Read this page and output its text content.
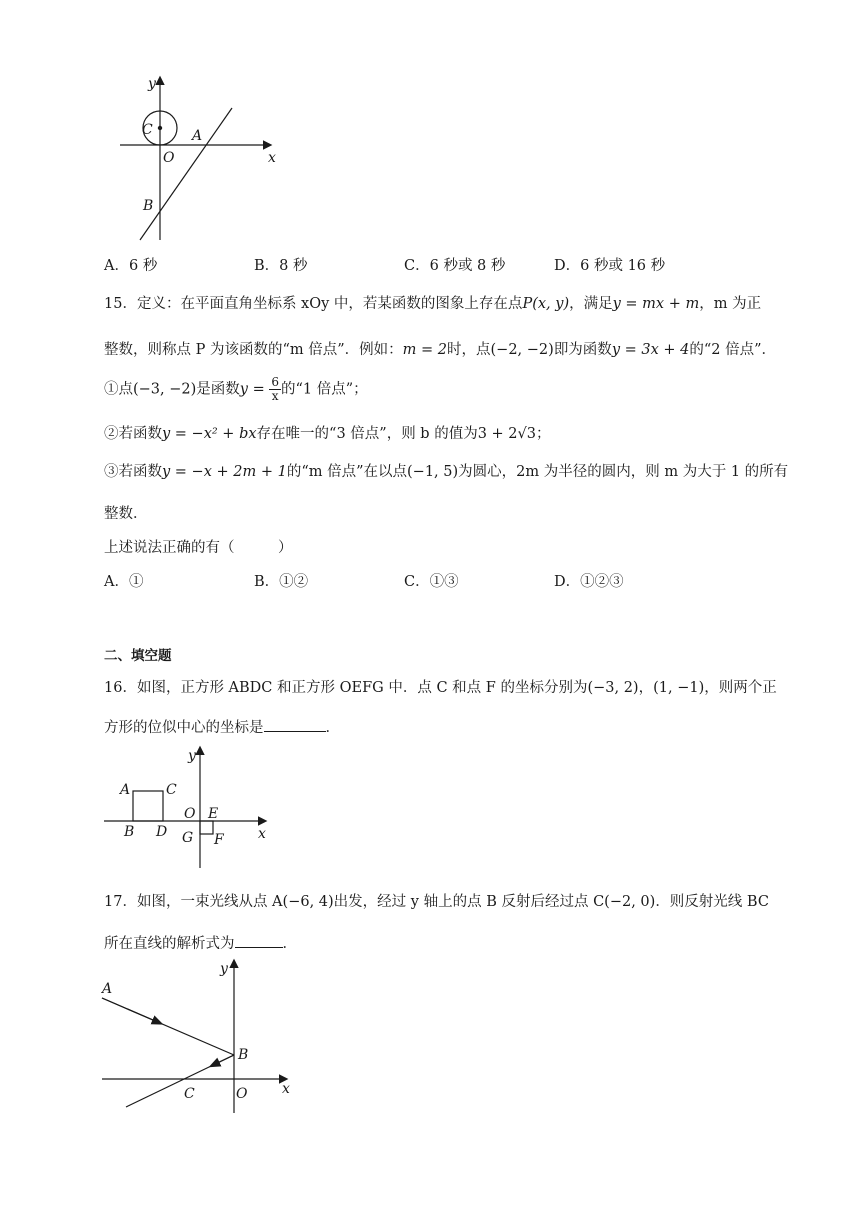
y
x
C	A
O
B
A．6 秒	B．8 秒	C．6 秒或 8 秒	D．6 秒或 16 秒
15．定义：在平面直角坐标系 xOy 中，若某函数的图象上存在点P(x, y)，满足y = mx + m，m 为正
整数，则称点 P 为该函数的“m 倍点”．例如：m = 2时，点(−2, −2)即为函数y = 3x + 4的“2 倍点”．
①点(−3, −2)是函数$y = \frac{6}{x}$ 的“1 倍点”；
②若函数y = −x² + bx存在唯一的“3 倍点”，则 b 的值为3 + 2√3；
③若函数y = −x + 2m + 1的“m 倍点”在以点(−1, 5)为圆心，2m 为半径的圆内，则 m 为大于 1 的所有
整数．
上述说法正确的有（　　　）
A．①	B．①②	C．①③	D．①②③
二、填空题
16．如图，正方形 ABDC 和正方形 OEFG 中．点 C 和点 F 的坐标分别为(−3, 2)，(1, −1)，则两个正
方形的位似中心的坐标是	．
y
x
A	C
O E
B D G F
17．如图，一束光线从点 A(−6, 4)出发，经过 y 轴上的点 B 反射后经过点 C(−2, 0)．则反射光线 BC
所在直线的解析式为	．
y
x
A
B
C	O
